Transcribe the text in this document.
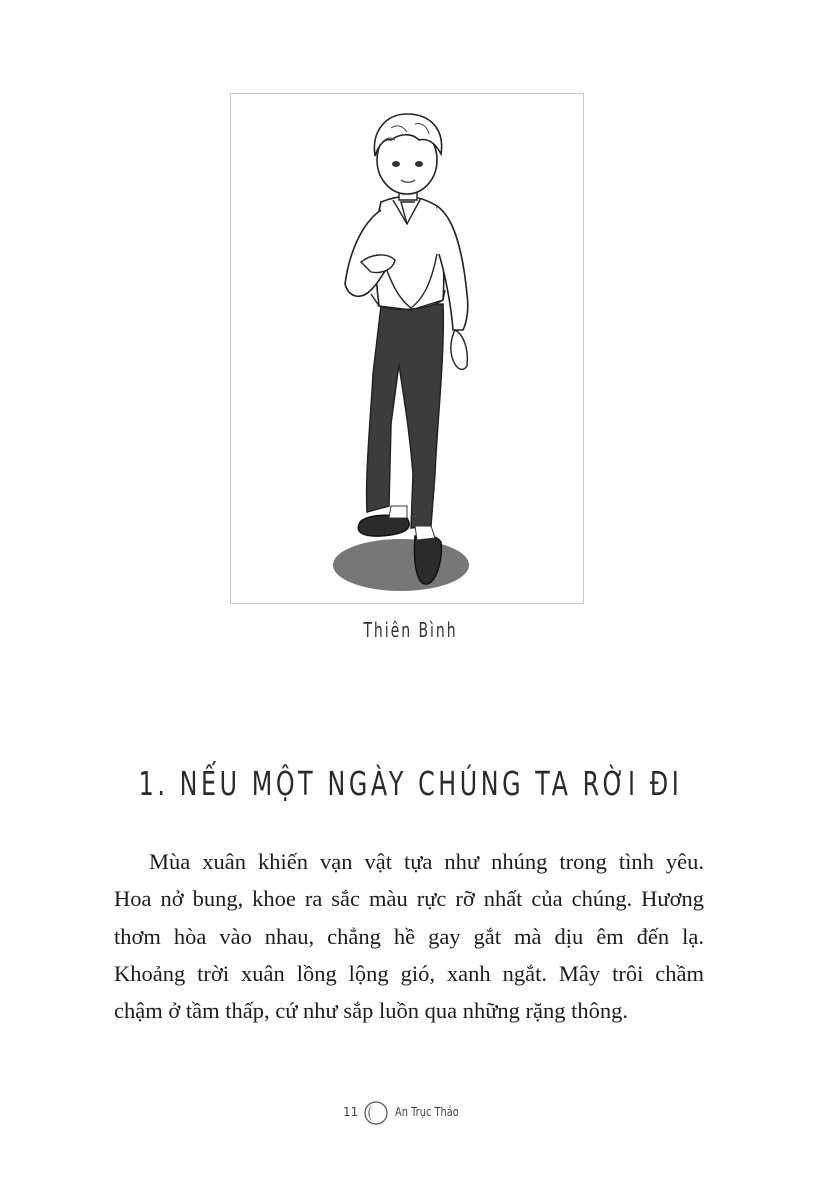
Thiên Bình
1. NẾU MỘT NGÀY CHÚNG TA RỜI ĐI
Mùa xuân khiến vạn vật tựa như nhúng trong tình yêu.
Hoa nở bung, khoe ra sắc màu rực rỡ nhất của chúng. Hương
thơm hòa vào nhau, chẳng hề gay gắt mà dịu êm đến lạ.
Khoảng trời xuân lồng lộng gió, xanh ngắt. Mây trôi chầm
chậm ở tầm thấp, cứ như sắp luồn qua những rặng thông.
11	An Trục Thảo
